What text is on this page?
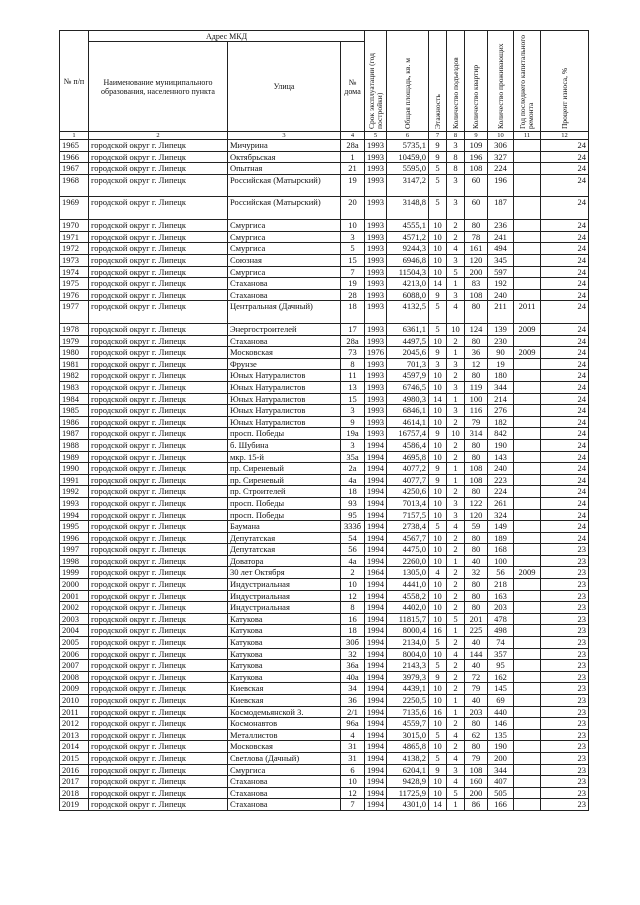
№ п/п	Адрес МКД			Срок эксплуатации (год постройки)	Общая площадь, кв. м	Этажность	Количество подъездов	Количество квартир	Количество проживающих	Год последнего капитального ремонта	Процент износа, %

	Наименование муниципального образования, населенного пункта	Улица	№ дома								
1	2	3	4	5	6	7	8	9	10	11	12
1965	городской округ г. Липецк	Мичурина	28а	1993	5735,1	9	3	109	306		24
1966	городской округ г. Липецк	Октябрьская	1	1993	10459,0	9	8	196	327		24
1967	городской округ г. Липецк	Опытная	21	1993	5595,0	5	8	108	224		24
1968	городской округ г. Липецк	Российская (Матырский)	19	1993	3147,2	5	3	60	196		24
1969	городской округ г. Липецк	Российская (Матырский)	20	1993	3148,8	5	3	60	187		24
1970	городской округ г. Липецк	Смургиса	10	1993	4555,1	10	2	80	236		24
1971	городской округ г. Липецк	Смургиса	3	1993	4571,2	10	2	78	241		24
1972	городской округ г. Липецк	Смургиса	5	1993	9244,3	10	4	161	494		24
1973	городской округ г. Липецк	Союзная	15	1993	6946,8	10	3	120	345		24
1974	городской округ г. Липецк	Смургиса	7	1993	11504,3	10	5	200	597		24
1975	городской округ г. Липецк	Стаханова	19	1993	4213,0	14	1	83	192		24
1976	городской округ г. Липецк	Стаханова	28	1993	6088,0	9	3	108	240		24
1977	городской округ г. Липецк	Центральная (Дачный)	18	1993	4132,5	5	4	80	211	2011	24
1978	городской округ г. Липецк	Энергостроителей	17	1993	6361,1	5	10	124	139	2009	24
1979	городской округ г. Липецк	Стаханова	28а	1993	4497,5	10	2	80	230		24
1980	городской округ г. Липецк	Московская	73	1976	2045,6	9	1	36	90	2009	24
1981	городской округ г. Липецк	Фрунзе	8	1993	701,3	3	3	12	19		24
1982	городской округ г. Липецк	Юных Натуралистов	11	1993	4597,9	10	2	80	180		24
1983	городской округ г. Липецк	Юных Натуралистов	13	1993	6746,5	10	3	119	344		24
1984	городской округ г. Липецк	Юных Натуралистов	15	1993	4980,3	14	1	100	214		24
1985	городской округ г. Липецк	Юных Натуралистов	3	1993	6846,1	10	3	116	276		24
1986	городской округ г. Липецк	Юных Натуралистов	9	1993	4614,1	10	2	79	182		24
1987	городской округ г. Липецк	просп. Победы	19а	1993	16757,4	9	10	314	842		24
1988	городской округ г. Липецк	б. Шубина	3	1994	4586,4	10	2	80	190		24
1989	городской округ г. Липецк	мкр. 15-й	35а	1994	4695,8	10	2	80	143		24
1990	городской округ г. Липецк	пр. Сиреневый	2а	1994	4077,2	9	1	108	240		24
1991	городской округ г. Липецк	пр. Сиреневый	4а	1994	4077,7	9	1	108	223		24
1992	городской округ г. Липецк	пр. Строителей	18	1994	4250,6	10	2	80	224		24
1993	городской округ г. Липецк	просп. Победы	93	1994	7013,4	10	3	122	261		24
1994	городской округ г. Липецк	просп. Победы	95	1994	7157,5	10	3	120	324		24
1995	городской округ г. Липецк	Баумана	333б	1994	2738,4	5	4	59	149		24
1996	городской округ г. Липецк	Депутатская	54	1994	4567,7	10	2	80	189		24
1997	городской округ г. Липецк	Депутатская	56	1994	4475,0	10	2	80	168		23
1998	городской округ г. Липецк	Доватора	4а	1994	2260,0	10	1	40	100		23
1999	городской округ г. Липецк	30 лет Октября	2	1964	1305,0	4	2	32	56	2009	23
2000	городской округ г. Липецк	Индустриальная	10	1994	4441,0	10	2	80	218		23
2001	городской округ г. Липецк	Индустриальная	12	1994	4558,2	10	2	80	163		23
2002	городской округ г. Липецк	Индустриальная	8	1994	4402,0	10	2	80	203		23
2003	городской округ г. Липецк	Катукова	16	1994	11815,7	10	5	201	478		23
2004	городской округ г. Липецк	Катукова	18	1994	8000,4	16	1	225	498		23
2005	городской округ г. Липецк	Катукова	30б	1994	2134,0	5	2	40	74		23
2006	городской округ г. Липецк	Катукова	32	1994	8004,0	10	4	144	357		23
2007	городской округ г. Липецк	Катукова	36а	1994	2143,3	5	2	40	95		23
2008	городской округ г. Липецк	Катукова	40а	1994	3979,3	9	2	72	162		23
2009	городской округ г. Липецк	Киевская	34	1994	4439,1	10	2	79	145		23
2010	городской округ г. Липецк	Киевская	36	1994	2250,5	10	1	40	69		23
2011	городской округ г. Липецк	Космодемьянской З.	2/1	1994	7135,6	16	1	203	440		23
2012	городской округ г. Липецк	Космонавтов	96а	1994	4559,7	10	2	80	146		23
2013	городской округ г. Липецк	Металлистов	4	1994	3015,0	5	4	62	135		23
2014	городской округ г. Липецк	Московская	31	1994	4865,8	10	2	80	190		23
2015	городской округ г. Липецк	Светлова (Дачный)	31	1994	4138,2	5	4	79	200		23
2016	городской округ г. Липецк	Смургиса	6	1994	6204,1	9	3	108	344		23
2017	городской округ г. Липецк	Стаханова	10	1994	9428,9	10	4	160	407		23
2018	городской округ г. Липецк	Стаханова	12	1994	11725,9	10	5	200	505		23
2019	городской округ г. Липецк	Стаханова	7	1994	4301,0	14	1	86	166		23
